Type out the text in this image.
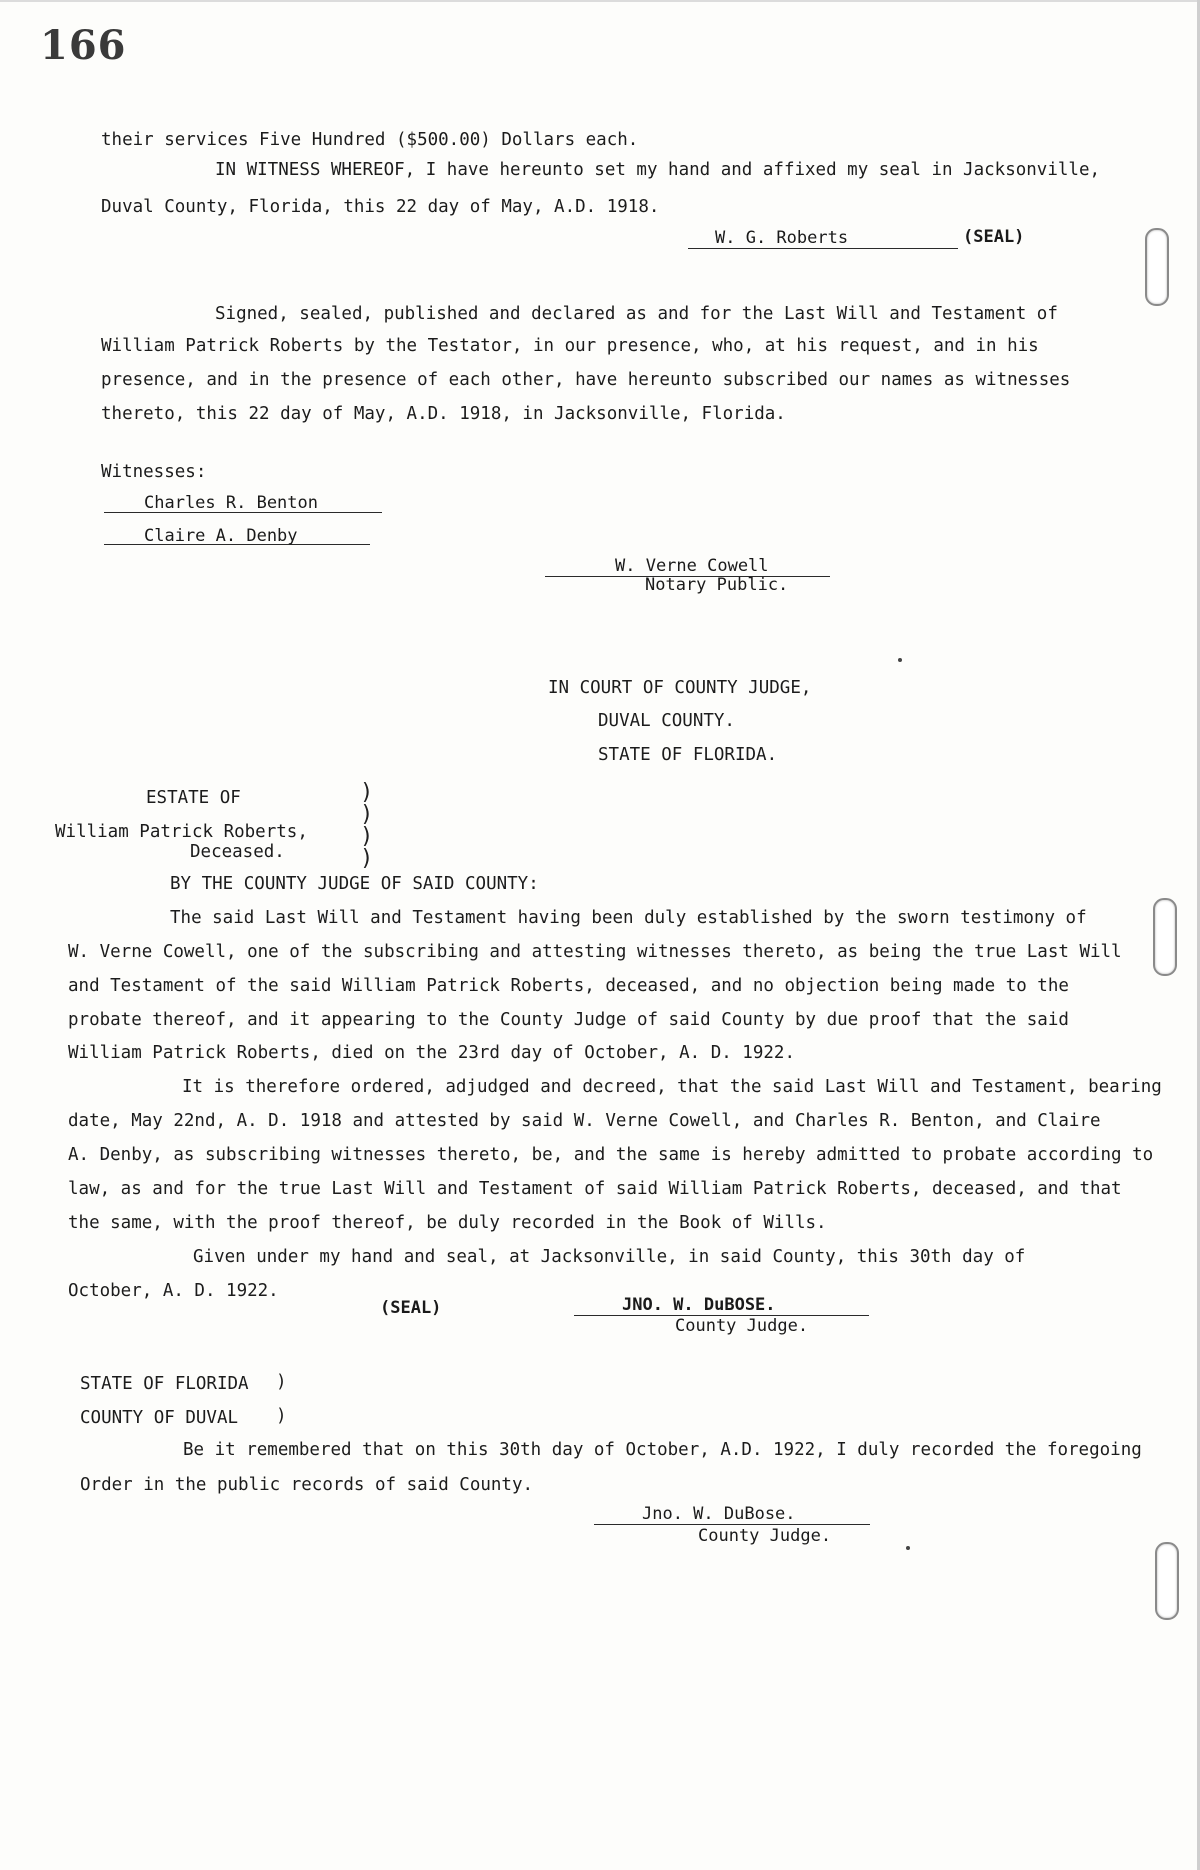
166
their services Five Hundred ($500.00) Dollars each.
IN WITNESS WHEREOF, I have hereunto set my hand and affixed my seal in Jacksonville,
Duval County, Florida, this 22 day of May, A.D. 1918.
W. G. Roberts	(SEAL)
Signed, sealed, published and declared as and for the Last Will and Testament of
William Patrick Roberts by the Testator, in our presence, who, at his request, and in his
presence, and in the presence of each other, have hereunto subscribed our names as witnesses
thereto, this 22 day of May, A.D. 1918, in Jacksonville, Florida.
Witnesses:
Charles R. Benton
Claire A. Denby
W. Verne Cowell
Notary Public.
IN COURT OF COUNTY JUDGE,
DUVAL COUNTY.
STATE OF FLORIDA.
ESTATE OF
William Patrick Roberts,
Deceased.
)
)
)
)
BY THE COUNTY JUDGE OF SAID COUNTY:
The said Last Will and Testament having been duly established by the sworn testimony of
W. Verne Cowell, one of the subscribing and attesting witnesses thereto, as being the true Last Will
and Testament of the said William Patrick Roberts, deceased, and no objection being made to the
probate thereof, and it appearing to the County Judge of said County by due proof that the said
William Patrick Roberts, died on the 23rd day of October, A. D. 1922.
It is therefore ordered, adjudged and decreed, that the said Last Will and Testament, bearing
date, May 22nd, A. D. 1918 and attested by said W. Verne Cowell, and Charles R. Benton, and Claire
A. Denby, as subscribing witnesses thereto, be, and the same is hereby admitted to probate according to
law, as and for the true Last Will and Testament of said William Patrick Roberts, deceased, and that
the same, with the proof thereof, be duly recorded in the Book of Wills.
Given under my hand and seal, at Jacksonville, in said County, this 30th day of
October, A. D. 1922.
(SEAL)	JNO. W. DuBOSE.
County Judge.
STATE OF FLORIDA )
COUNTY OF DUVAL )
Be it remembered that on this 30th day of October, A.D. 1922, I duly recorded the foregoing
Order in the public records of said County.
Jno. W. DuBose.
County Judge.
